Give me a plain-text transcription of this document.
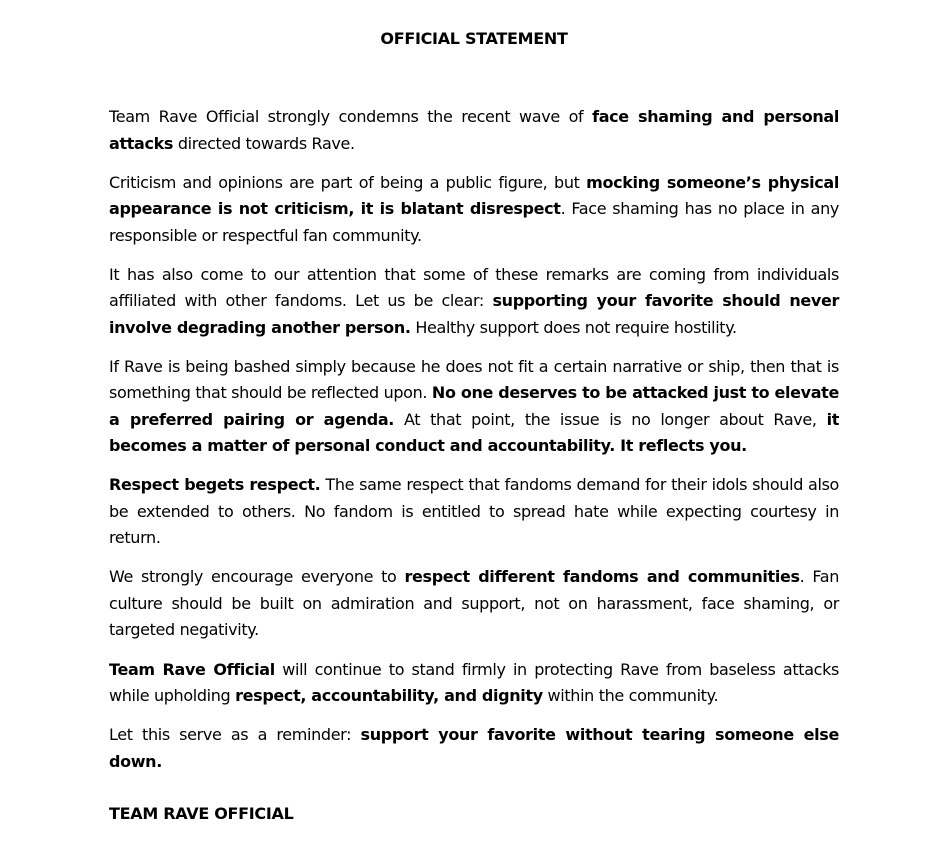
OFFICIAL STATEMENT

Team Rave Official strongly condemns the recent wave of face shaming and personal attacks directed towards Rave.

Criticism and opinions are part of being a public figure, but mocking someone’s physical appearance is not criticism, it is blatant disrespect. Face shaming has no place in any responsible or respectful fan community.

It has also come to our attention that some of these remarks are coming from individuals affiliated with other fandoms. Let us be clear: supporting your favorite should never involve degrading another person. Healthy support does not require hostility.

If Rave is being bashed simply because he does not fit a certain narrative or ship, then that is something that should be reflected upon. No one deserves to be attacked just to elevate a preferred pairing or agenda. At that point, the issue is no longer about Rave, it becomes a matter of personal conduct and accountability. It reflects you.

Respect begets respect. The same respect that fandoms demand for their idols should also be extended to others. No fandom is entitled to spread hate while expecting courtesy in return.

We strongly encourage everyone to respect different fandoms and communities. Fan culture should be built on admiration and support, not on harassment, face shaming, or targeted negativity.

Team Rave Official will continue to stand firmly in protecting Rave from baseless attacks while upholding respect, accountability, and dignity within the community.

Let this serve as a reminder: support your favorite without tearing someone else down.

TEAM RAVE OFFICIAL
